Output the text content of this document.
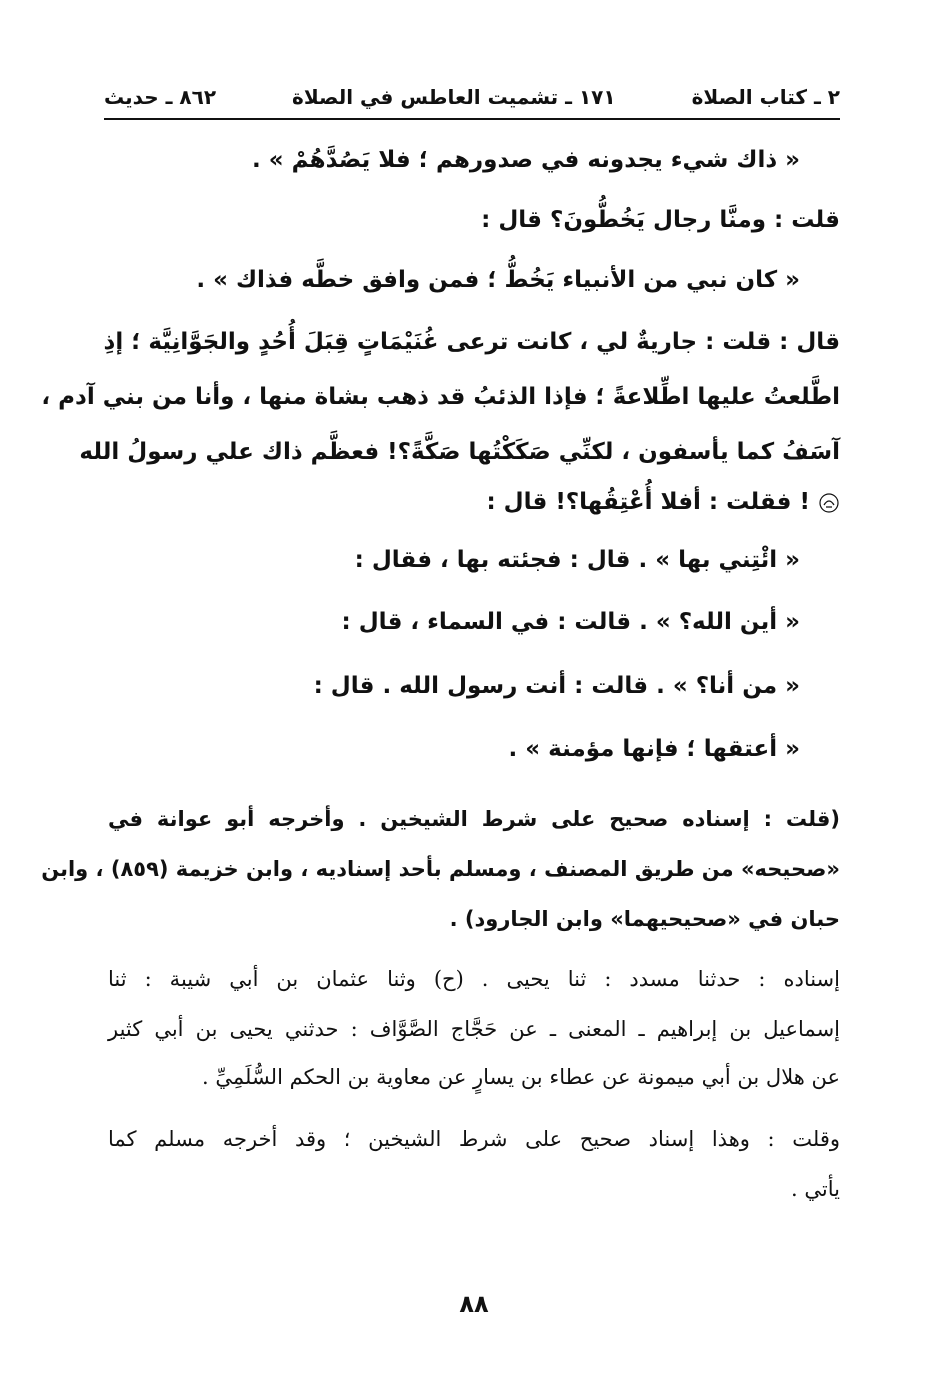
٢ ـ كتاب الصلاة
١٧١ ـ تشميت العاطس في الصلاة
٨٦٢ ـ حديث
« ذاك شيء يجدونه في صدورهم ؛ فلا يَصُدَّهُمْ » .
قلت : ومنَّا رجال يَخُطُّونَ؟ قال :
« كان نبي من الأنبياء يَخُطُّ ؛ فمن وافق خطَّه فذاك » .
قال : قلت : جاريةٌ لي ، كانت ترعى غُنَيْمَاتٍ قِبَلَ أُحُدٍ والجَوَّانِيَّة ؛ إذِ
اطَّلعتُ عليها اطِّلاعةً ؛ فإذا الذئبُ قد ذهب بشاة منها ، وأنا من بني آدم ،
آسَفُ كما يأسفون ، لكنِّي صَكَكْتُها صَكَّةً؟! فعظَّم ذاك علي رسولُ الله
! فقلت : أفلا أُعْتِقُها؟! قال :
« ائْتِني بها » . قال : فجئته بها ، فقال :
« أين الله؟ » . قالت : في السماء ، قال :
« من أنا؟ » . قالت : أنت رسول الله . قال :
« أعتقها ؛ فإنها مؤمنة » .
(قلت : إسناده صحيح على شرط الشيخين . وأخرجه أبو عوانة في
«صحيحه» من طريق المصنف ، ومسلم بأحد إسناديه ، وابن خزيمة (٨٥٩) ، وابن
حبان في «صحيحيهما» وابن الجارود) .
إسناده : حدثنا مسدد : ثنا يحيى . (ح) وثنا عثمان بن أبي شيبة : ثنا
إسماعيل بن إبراهيم ـ المعنى ـ عن حَجَّاج الصَّوَّاف : حدثني يحيى بن أبي كثير
عن هلال بن أبي ميمونة عن عطاء بن يسارٍ عن معاوية بن الحكم السُّلَمِيِّ .
وقلت : وهذا إسناد صحيح على شرط الشيخين ؛ وقد أخرجه مسلم كما
يأتي .
٨٨
